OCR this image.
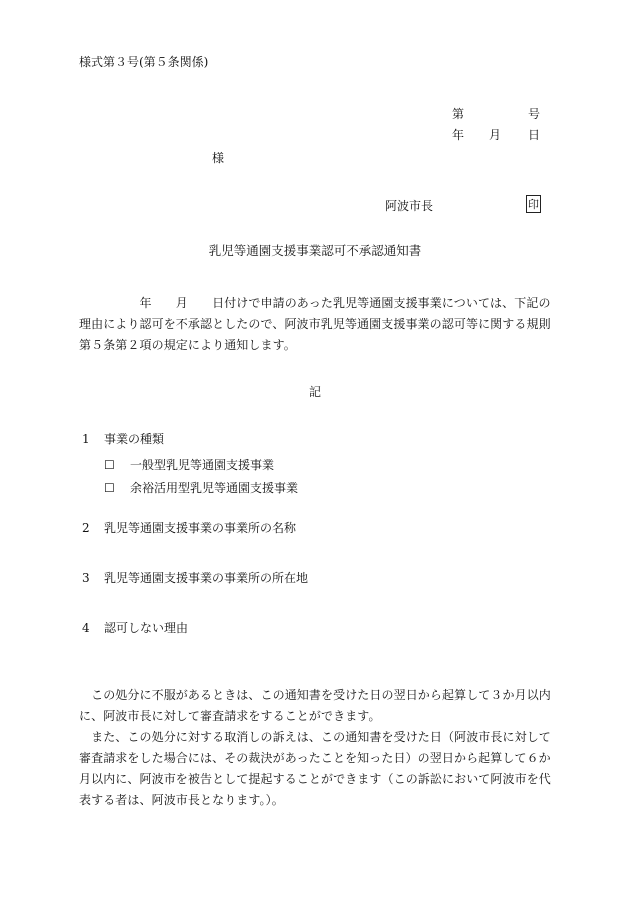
様式第３号(第５条関係)
第	号
年 月 日
様
阿波市長	印
乳児等通園支援事業認可不承認通知書

　　　　　年　　月　　日付けで申請のあった乳児等通園支援事業については、下記の

理由により認可を不承認としたので、阿波市乳児等通園支援事業の認可等に関する規則

第５条第２項の規定により通知します。

記
1 事業の種類
☐ 一般型乳児等通園支援事業
☐ 余裕活用型乳児等通園支援事業
2 乳児等通園支援事業の事業所の名称
3 乳児等通園支援事業の事業所の所在地
4 認可しない理由

　この処分に不服があるときは、この通知書を受けた日の翌日から起算して３か月以内

に、阿波市長に対して審査請求をすることができます。

　また、この処分に対する取消しの訴えは、この通知書を受けた日（阿波市長に対して

審査請求をした場合には、その裁決があったことを知った日）の翌日から起算して６か

月以内に、阿波市を被告として提起することができます（この訴訟において阿波市を代

表する者は、阿波市長となります。）。
